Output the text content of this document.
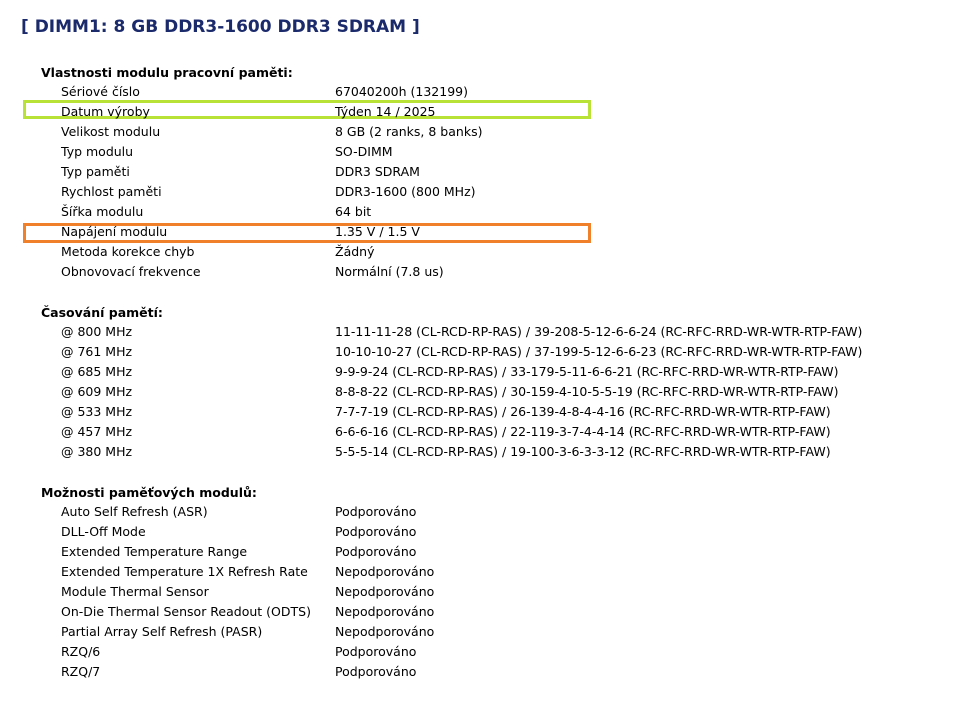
[ DIMM1: 8 GB DDR3-1600 DDR3 SDRAM ]
Vlastnosti modulu pracovní paměti:
Sériové číslo	67040200h (132199)
Datum výroby	Týden 14 / 2025
Velikost modulu	8 GB (2 ranks, 8 banks)
Typ modulu	SO-DIMM
Typ paměti	DDR3 SDRAM
Rychlost paměti	DDR3-1600 (800 MHz)
Šířka modulu	64 bit
Napájení modulu	1.35 V / 1.5 V
Metoda korekce chyb	Žádný
Obnovovací frekvence	Normální (7.8 us)
Časování pamětí:
@ 800 MHz	11-11-11-28 (CL-RCD-RP-RAS) / 39-208-5-12-6-6-24 (RC-RFC-RRD-WR-WTR-RTP-FAW)
@ 761 MHz	10-10-10-27 (CL-RCD-RP-RAS) / 37-199-5-12-6-6-23 (RC-RFC-RRD-WR-WTR-RTP-FAW)
@ 685 MHz	9-9-9-24 (CL-RCD-RP-RAS) / 33-179-5-11-6-6-21 (RC-RFC-RRD-WR-WTR-RTP-FAW)
@ 609 MHz	8-8-8-22 (CL-RCD-RP-RAS) / 30-159-4-10-5-5-19 (RC-RFC-RRD-WR-WTR-RTP-FAW)
@ 533 MHz	7-7-7-19 (CL-RCD-RP-RAS) / 26-139-4-8-4-4-16 (RC-RFC-RRD-WR-WTR-RTP-FAW)
@ 457 MHz	6-6-6-16 (CL-RCD-RP-RAS) / 22-119-3-7-4-4-14 (RC-RFC-RRD-WR-WTR-RTP-FAW)
@ 380 MHz	5-5-5-14 (CL-RCD-RP-RAS) / 19-100-3-6-3-3-12 (RC-RFC-RRD-WR-WTR-RTP-FAW)
Možnosti paměťových modulů:
Auto Self Refresh (ASR)	Podporováno
DLL-Off Mode	Podporováno
Extended Temperature Range	Podporováno
Extended Temperature 1X Refresh Rate Nepodporováno
Module Thermal Sensor	Nepodporováno
On-Die Thermal Sensor Readout (ODTS) Nepodporováno
Partial Array Self Refresh (PASR)	Nepodporováno
RZQ/6	Podporováno
RZQ/7	Podporováno
